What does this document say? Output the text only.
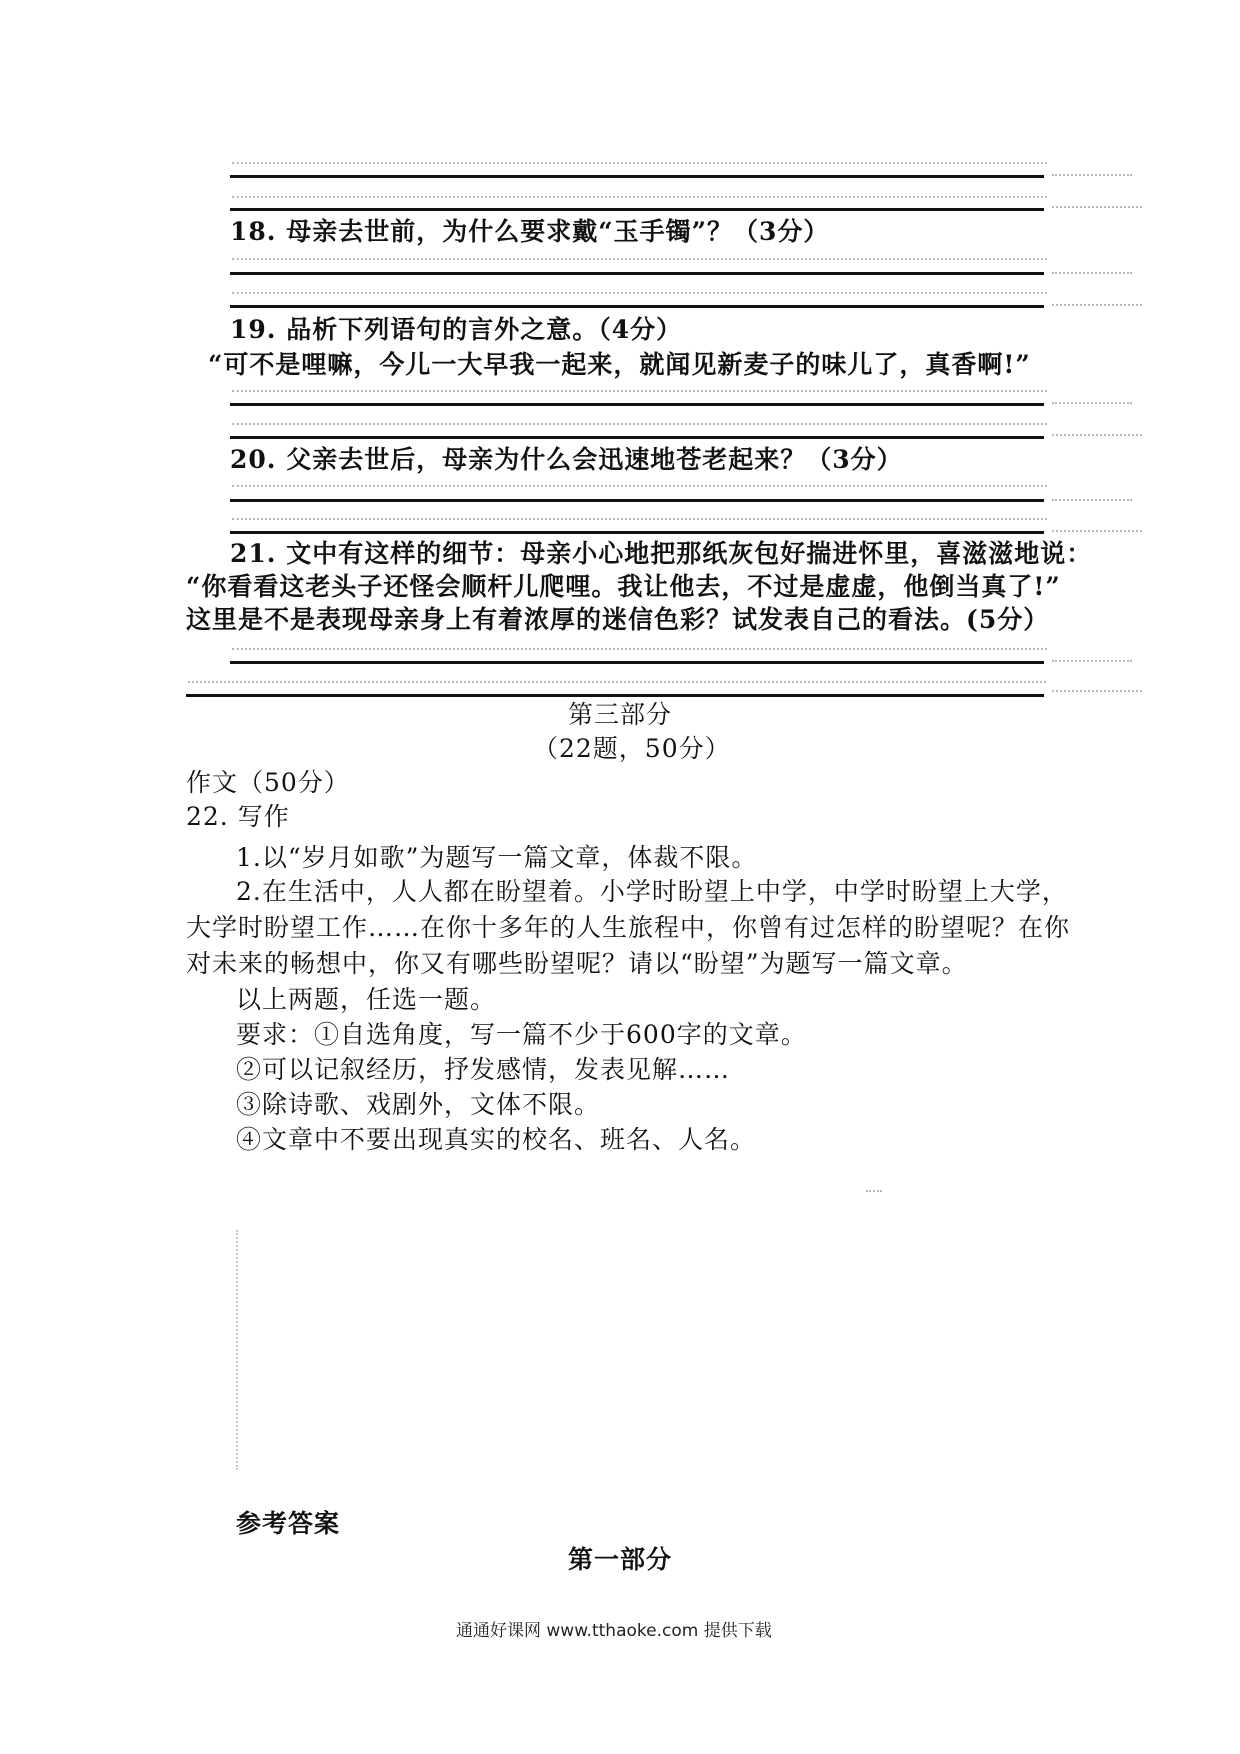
18. 母亲去世前，为什么要求戴“玉手镯”？（3分）
19. 品析下列语句的言外之意。（4分）
“可不是哩嘛，今儿一大早我一起来，就闻见新麦子的味儿了，真香啊!”
20. 父亲去世后，母亲为什么会迅速地苍老起来？（3分）
21. 文中有这样的细节：母亲小心地把那纸灰包好揣进怀里，喜滋滋地说：
“你看看这老头子还怪会顺杆儿爬哩。我让他去，不过是虚虚，他倒当真了!”
这里是不是表现母亲身上有着浓厚的迷信色彩？试发表自己的看法。(5分）
第三部分
（22题，50分）
作文（50分）
22. 写作
1.以“岁月如歌”为题写一篇文章，体裁不限。
2.在生活中，人人都在盼望着。小学时盼望上中学，中学时盼望上大学，
大学时盼望工作……在你十多年的人生旅程中，你曾有过怎样的盼望呢？在你
对未来的畅想中，你又有哪些盼望呢？请以“盼望”为题写一篇文章。
以上两题，任选一题。
要求：①自选角度，写一篇不少于600字的文章。
②可以记叙经历，抒发感情，发表见解……
③除诗歌、戏剧外，文体不限。
④文章中不要出现真实的校名、班名、人名。
参考答案
第一部分
通通好课网 www.tthaoke.com 提供下载
